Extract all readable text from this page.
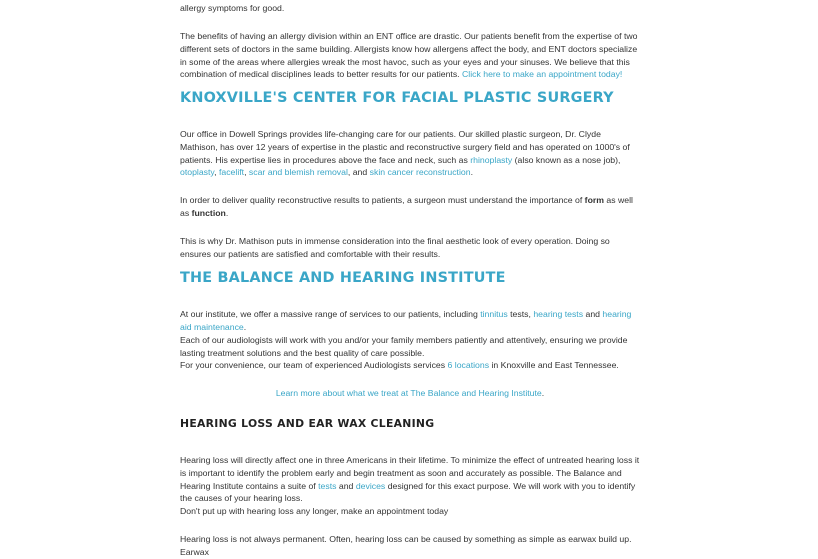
allergy symptoms for good.

The benefits of having an allergy division within an ENT office are drastic. Our patients benefit from the expertise of two different sets of doctors in the same building. Allergists know how allergens affect the body, and ENT doctors specialize in some of the areas where allergies wreak the most havoc, such as your eyes and your sinuses. We believe that this combination of medical disciplines leads to better results for our patients. Click here to make an appointment today!

KNOXVILLE'S CENTER FOR FACIAL PLASTIC SURGERY

Our office in Dowell Springs provides life-changing care for our patients. Our skilled plastic surgeon, Dr. Clyde Mathison, has over 12 years of expertise in the plastic and reconstructive surgery field and has operated on 1000's of patients. His expertise lies in procedures above the face and neck, such as rhinoplasty (also known as a nose job), otoplasty, facelift, scar and blemish removal, and skin cancer reconstruction.

In order to deliver quality reconstructive results to patients, a surgeon must understand the importance of form as well as function.

This is why Dr. Mathison puts in immense consideration into the final aesthetic look of every operation. Doing so ensures our patients are satisfied and comfortable with their results.

THE BALANCE AND HEARING INSTITUTE

At our institute, we offer a massive range of services to our patients, including tinnitus tests, hearing tests and hearing aid maintenance.

Each of our audiologists will work with you and/or your family members patiently and attentively, ensuring we provide lasting treatment solutions and the best quality of care possible.

For your convenience, our team of experienced Audiologists services 6 locations in Knoxville and East Tennessee.

Learn more about what we treat at The Balance and Hearing Institute.

HEARING LOSS AND EAR WAX CLEANING

Hearing loss will directly affect one in three Americans in their lifetime. To minimize the effect of untreated hearing loss it is important to identify the problem early and begin treatment as soon and accurately as possible. The Balance and Hearing Institute contains a suite of tests and devices designed for this exact purpose. We will work with you to identify the causes of your hearing loss.

Don't put up with hearing loss any longer, make an appointment today

Hearing loss is not always permanent. Often, hearing loss can be caused by something as simple as earwax build up. Earwax
